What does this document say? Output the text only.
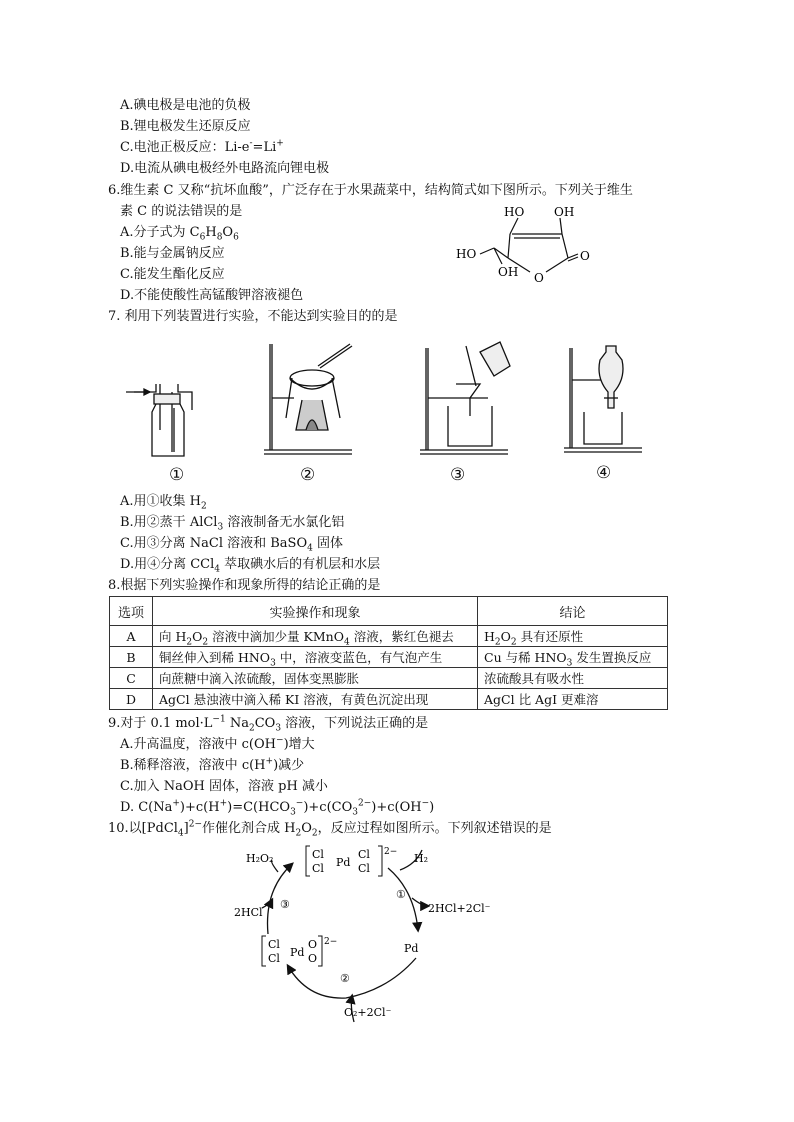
A.碘电极是电池的负极
B.锂电极发生还原反应
C.电池正极反应：Li-e-=Li+
D.电流从碘电极经外电路流向锂电极
6.维生素 C 又称“抗坏血酸”，广泛存在于水果蔬菜中，结构简式如下图所示。下列关于维生
素 C 的说法错误的是
A.分子式为 $C_6H_8O_6$
B.能与金属钠反应
C.能发生酯化反应
D.不能使酸性高锰酸钾溶液褪色
HO OH
HO
OH O
O
7. 利用下列装置进行实验，不能达到实验目的的是
①	②	③	④
A.用①收集 $H_2$
B.用②蒸干 AlCl$_3$ 溶液制备无水氯化铝
C.用③分离 NaCl 溶液和 BaSO$_4$ 固体
D.用④分离 CCl$_4$ 萃取碘水后的有机层和水层
8.根据下列实验操作和现象所得的结论正确的是
选项	实验操作和现象	结论
A	向 $H_2O_2$ 溶液中滴加少量 KMnO$_4$ 溶液，紫红色褪去	$H_2O_2$ 具有还原性
B	铜丝伸入到稀 $HNO_3$ 中，溶液变蓝色，有气泡产生	Cu 与稀 $HNO_3$ 发生置换反应
C	向蔗糖中滴入浓硫酸，固体变黑膨胀	浓硫酸具有吸水性
D	AgCl 悬浊液中滴入稀 KI 溶液，有黄色沉淀出现	AgCl 比 AgI 更难溶
9.对于 0.1 $mol\cdot L^{-1}$ $Na_2CO_3$ 溶液，下列说法正确的是
A.升高温度，溶液中 c(OH−)增大
B.稀释溶液，溶液中 c(H+)减少
C.加入 NaOH 固体，溶液 pH 减小
D. $C(Na^+)+c(H^+)=C(HCO_3^-)+c(CO_3^{2-})+c(OH^-)$
10.以[PdCl$_4$]$^{2-}$作催化剂合成 $H_2O_2$，反应过程如图所示。下列叙述错误的是
Cl
Cl Pd
Cl
Cl
2−
H₂O₂	H₂
①
2HCl+2Cl⁻
③
2HCl
Pd
②
O₂+2Cl⁻
Cl
Cl Pd
O
O
2−
